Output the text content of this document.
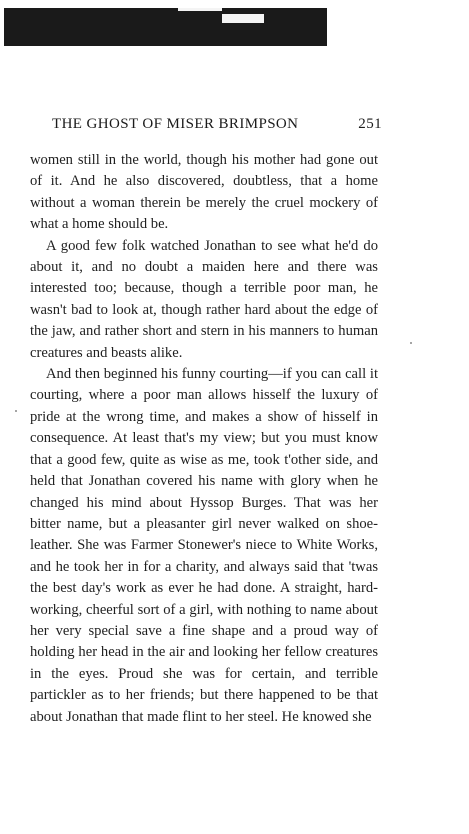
THE GHOST OF MISER BRIMPSON	251

women still in the world, though his mother had gone out of it. And he also discovered, doubtless, that a home without a woman therein be merely the cruel mockery of what a home should be.

A good few folk watched Jonathan to see what he'd do about it, and no doubt a maiden here and there was interested too; because, though a terrible poor man, he wasn't bad to look at, though rather hard about the edge of the jaw, and rather short and stern in his manners to human creatures and beasts alike.

And then beginned his funny courting—if you can call it courting, where a poor man allows hisself the luxury of pride at the wrong time, and makes a show of hisself in consequence. At least that's my view; but you must know that a good few, quite as wise as me, took t'other side, and held that Jonathan covered his name with glory when he changed his mind about Hyssop Burges. That was her bitter name, but a pleasanter girl never walked on shoe-leather. She was Farmer Stonewer's niece to White Works, and he took her in for a charity, and always said that 'twas the best day's work as ever he had done. A straight, hard-working, cheerful sort of a girl, with nothing to name about her very special save a fine shape and a proud way of holding her head in the air and looking her fellow creatures in the eyes. Proud she was for certain, and terrible partickler as to her friends; but there happened to be that about Jonathan that made flint to her steel. He knowed she
